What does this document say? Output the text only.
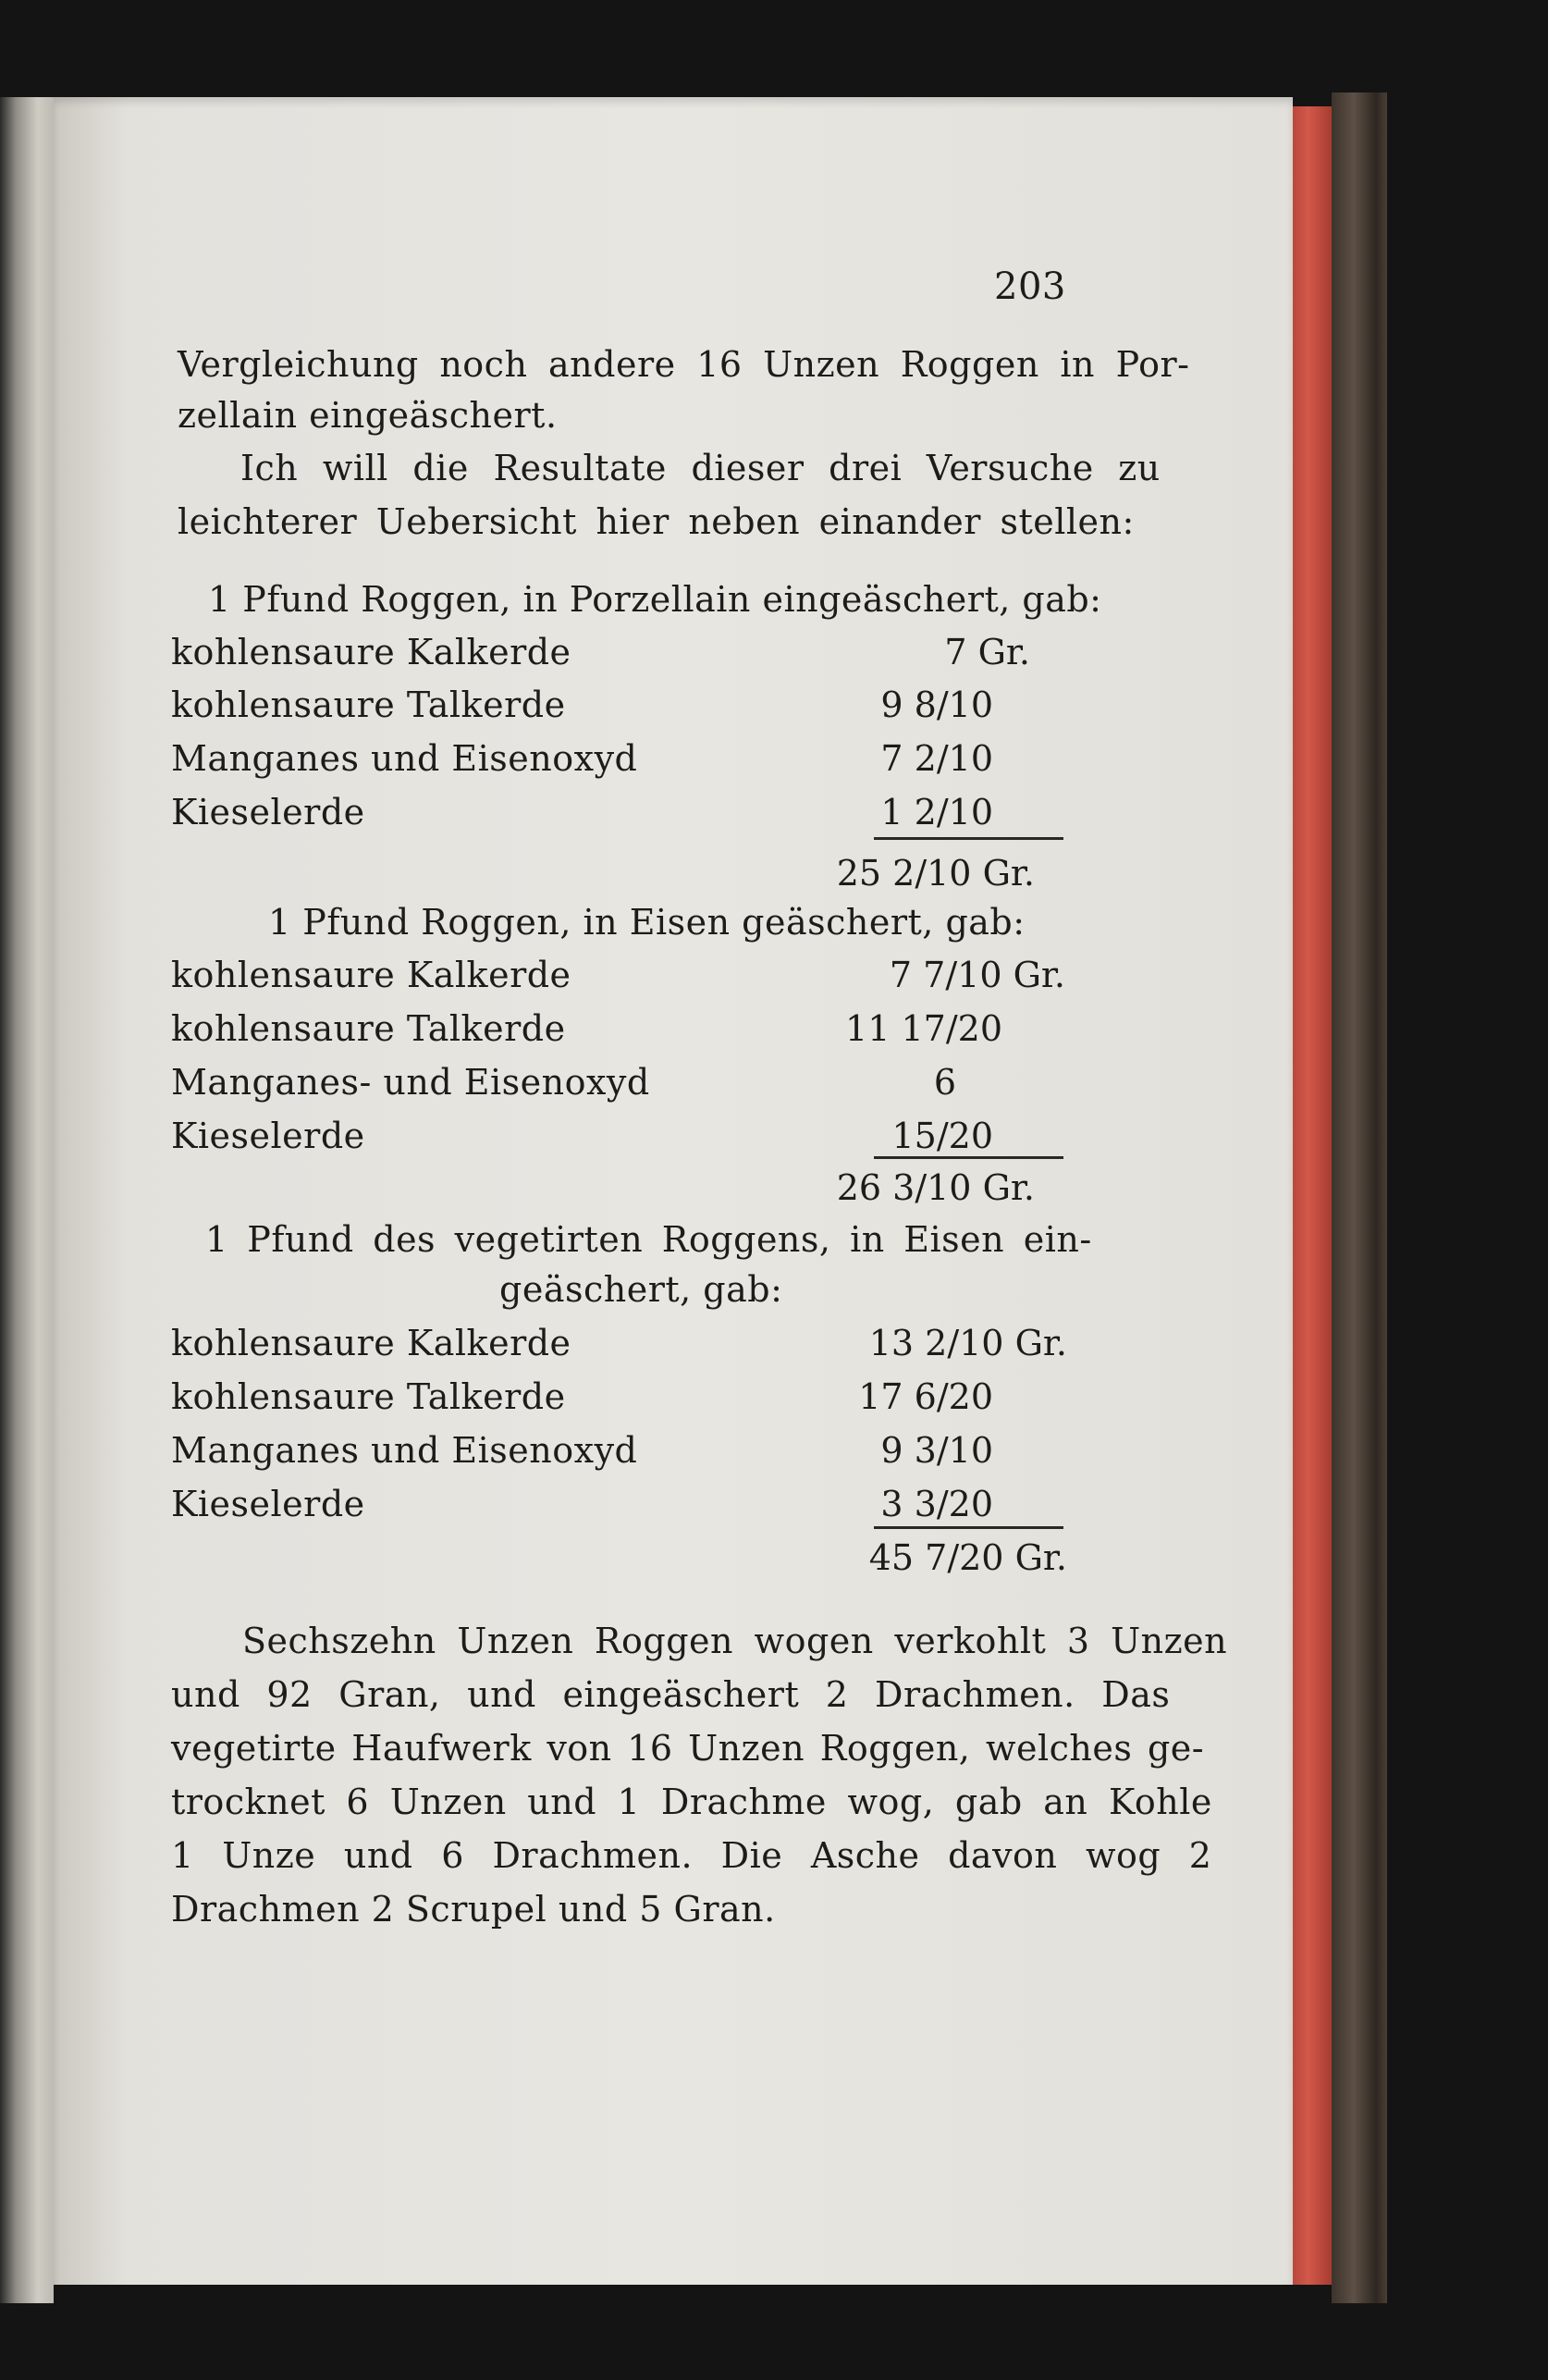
203
Vergleichung noch andere 16 Unzen Roggen in Por-
zellain eingeäschert.
Ich will die Resultate dieser drei Versuche zu
leichterer Uebersicht hier neben einander stellen:
1 Pfund Roggen, in Porzellain eingeäschert, gab:
kohlensaure Kalkerde	7 Gr.
kohlensaure Talkerde	9 8/10
Manganes und Eisenoxyd	7 2/10
Kieselerde	1 2/10
25 2/10 Gr.
1 Pfund Roggen, in Eisen geäschert, gab:
kohlensaure Kalkerde	7 7/10 Gr.
kohlensaure Talkerde	11 17/20
Manganes- und Eisenoxyd	6
Kieselerde	15/20
26 3/10 Gr.
1 Pfund des vegetirten Roggens, in Eisen ein-
geäschert, gab:
kohlensaure Kalkerde	13 2/10 Gr.
kohlensaure Talkerde	17 6/20
Manganes und Eisenoxyd	9 3/10
Kieselerde	3 3/20
45 7/20 Gr.
Sechszehn Unzen Roggen wogen verkohlt 3 Unzen
und 92 Gran, und eingeäschert 2 Drachmen. Das
vegetirte Haufwerk von 16 Unzen Roggen, welches ge-
trocknet 6 Unzen und 1 Drachme wog, gab an Kohle
1 Unze und 6 Drachmen. Die Asche davon wog 2
Drachmen 2 Scrupel und 5 Gran.
